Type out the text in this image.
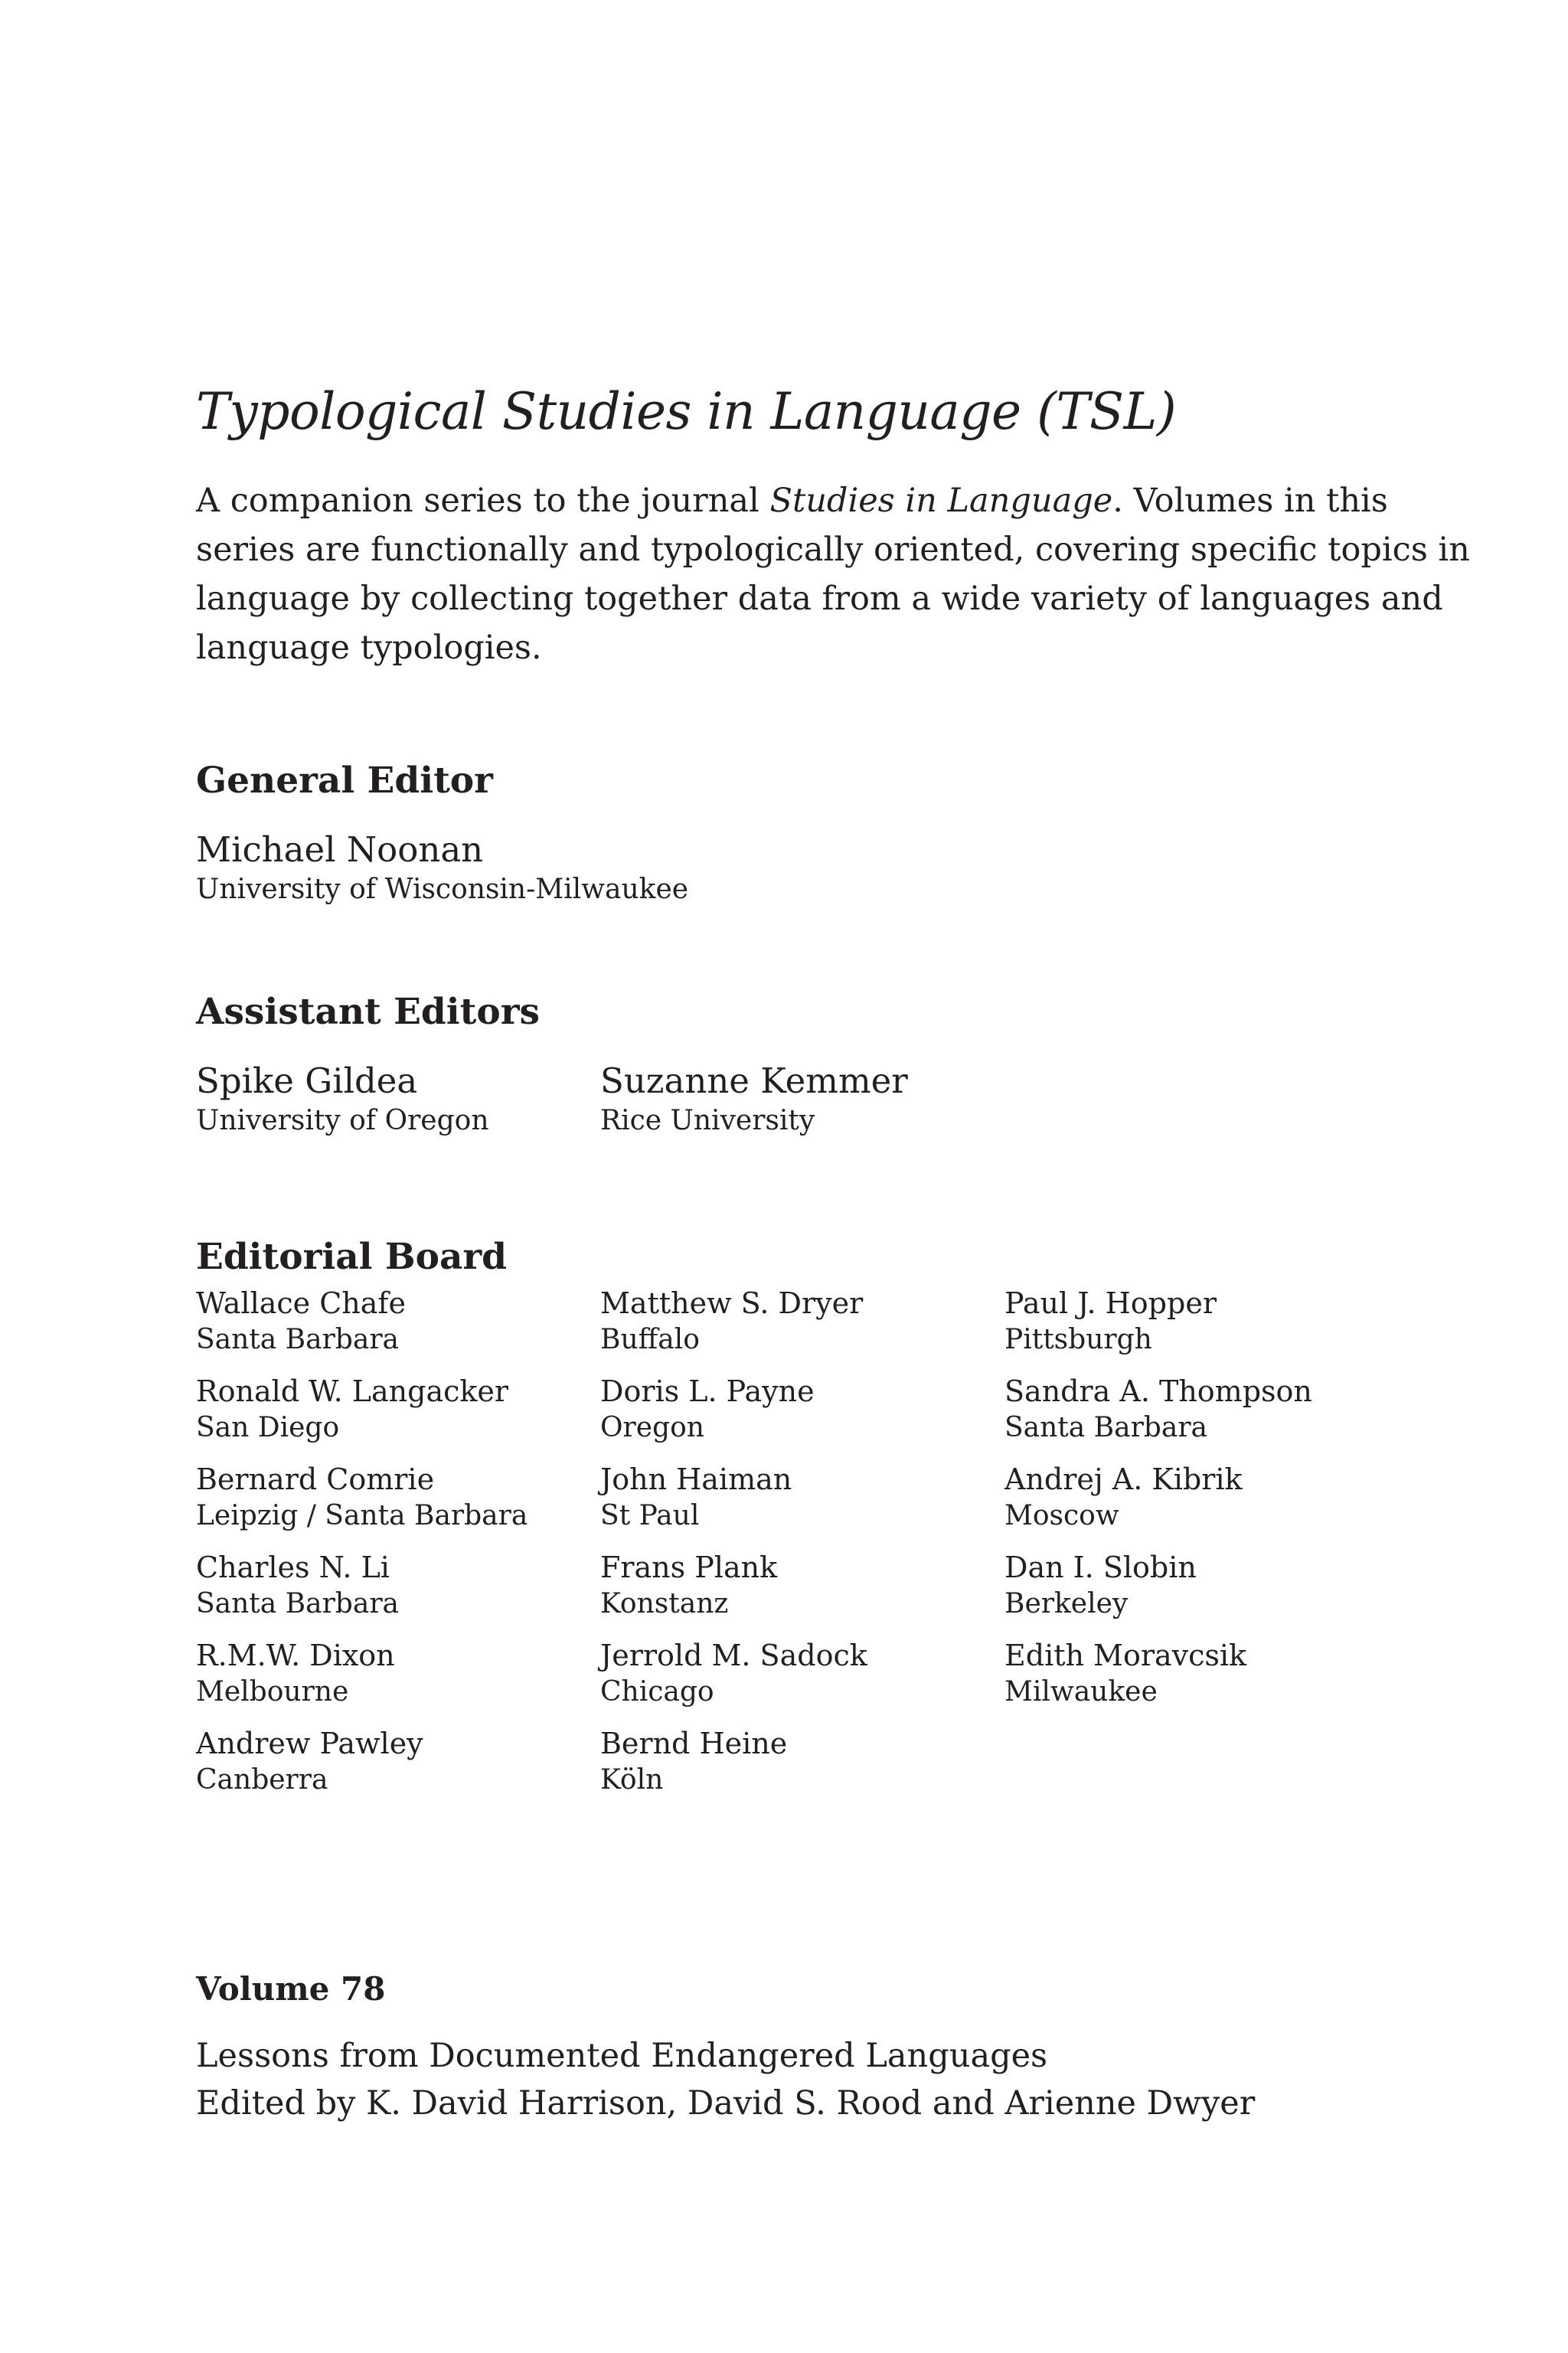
Typological Studies in Language (TSL)

A companion series to the journal Studies in Language. Volumes in this
series are functionally and typologically oriented, covering specific topics in
language by collecting together data from a wide variety of languages and
language typologies.

General Editor
Michael Noonan
University of Wisconsin-Milwaukee
Assistant Editors
Spike Gildea
University of Oregon
Suzanne Kemmer
Rice University
Editorial Board
Wallace Chafe
Santa Barbara
Ronald W. Langacker
San Diego
Bernard Comrie
Leipzig / Santa Barbara
Charles N. Li
Santa Barbara
R.M.W. Dixon
Melbourne
Andrew Pawley
Canberra
Matthew S. Dryer
Buffalo
Doris L. Payne
Oregon
John Haiman
St Paul
Frans Plank
Konstanz
Jerrold M. Sadock
Chicago
Bernd Heine
Köln
Paul J. Hopper
Pittsburgh
Sandra A. Thompson
Santa Barbara
Andrej A. Kibrik
Moscow
Dan I. Slobin
Berkeley
Edith Moravcsik
Milwaukee
Volume 78
Lessons from Documented Endangered Languages
Edited by K. David Harrison, David S. Rood and Arienne Dwyer
